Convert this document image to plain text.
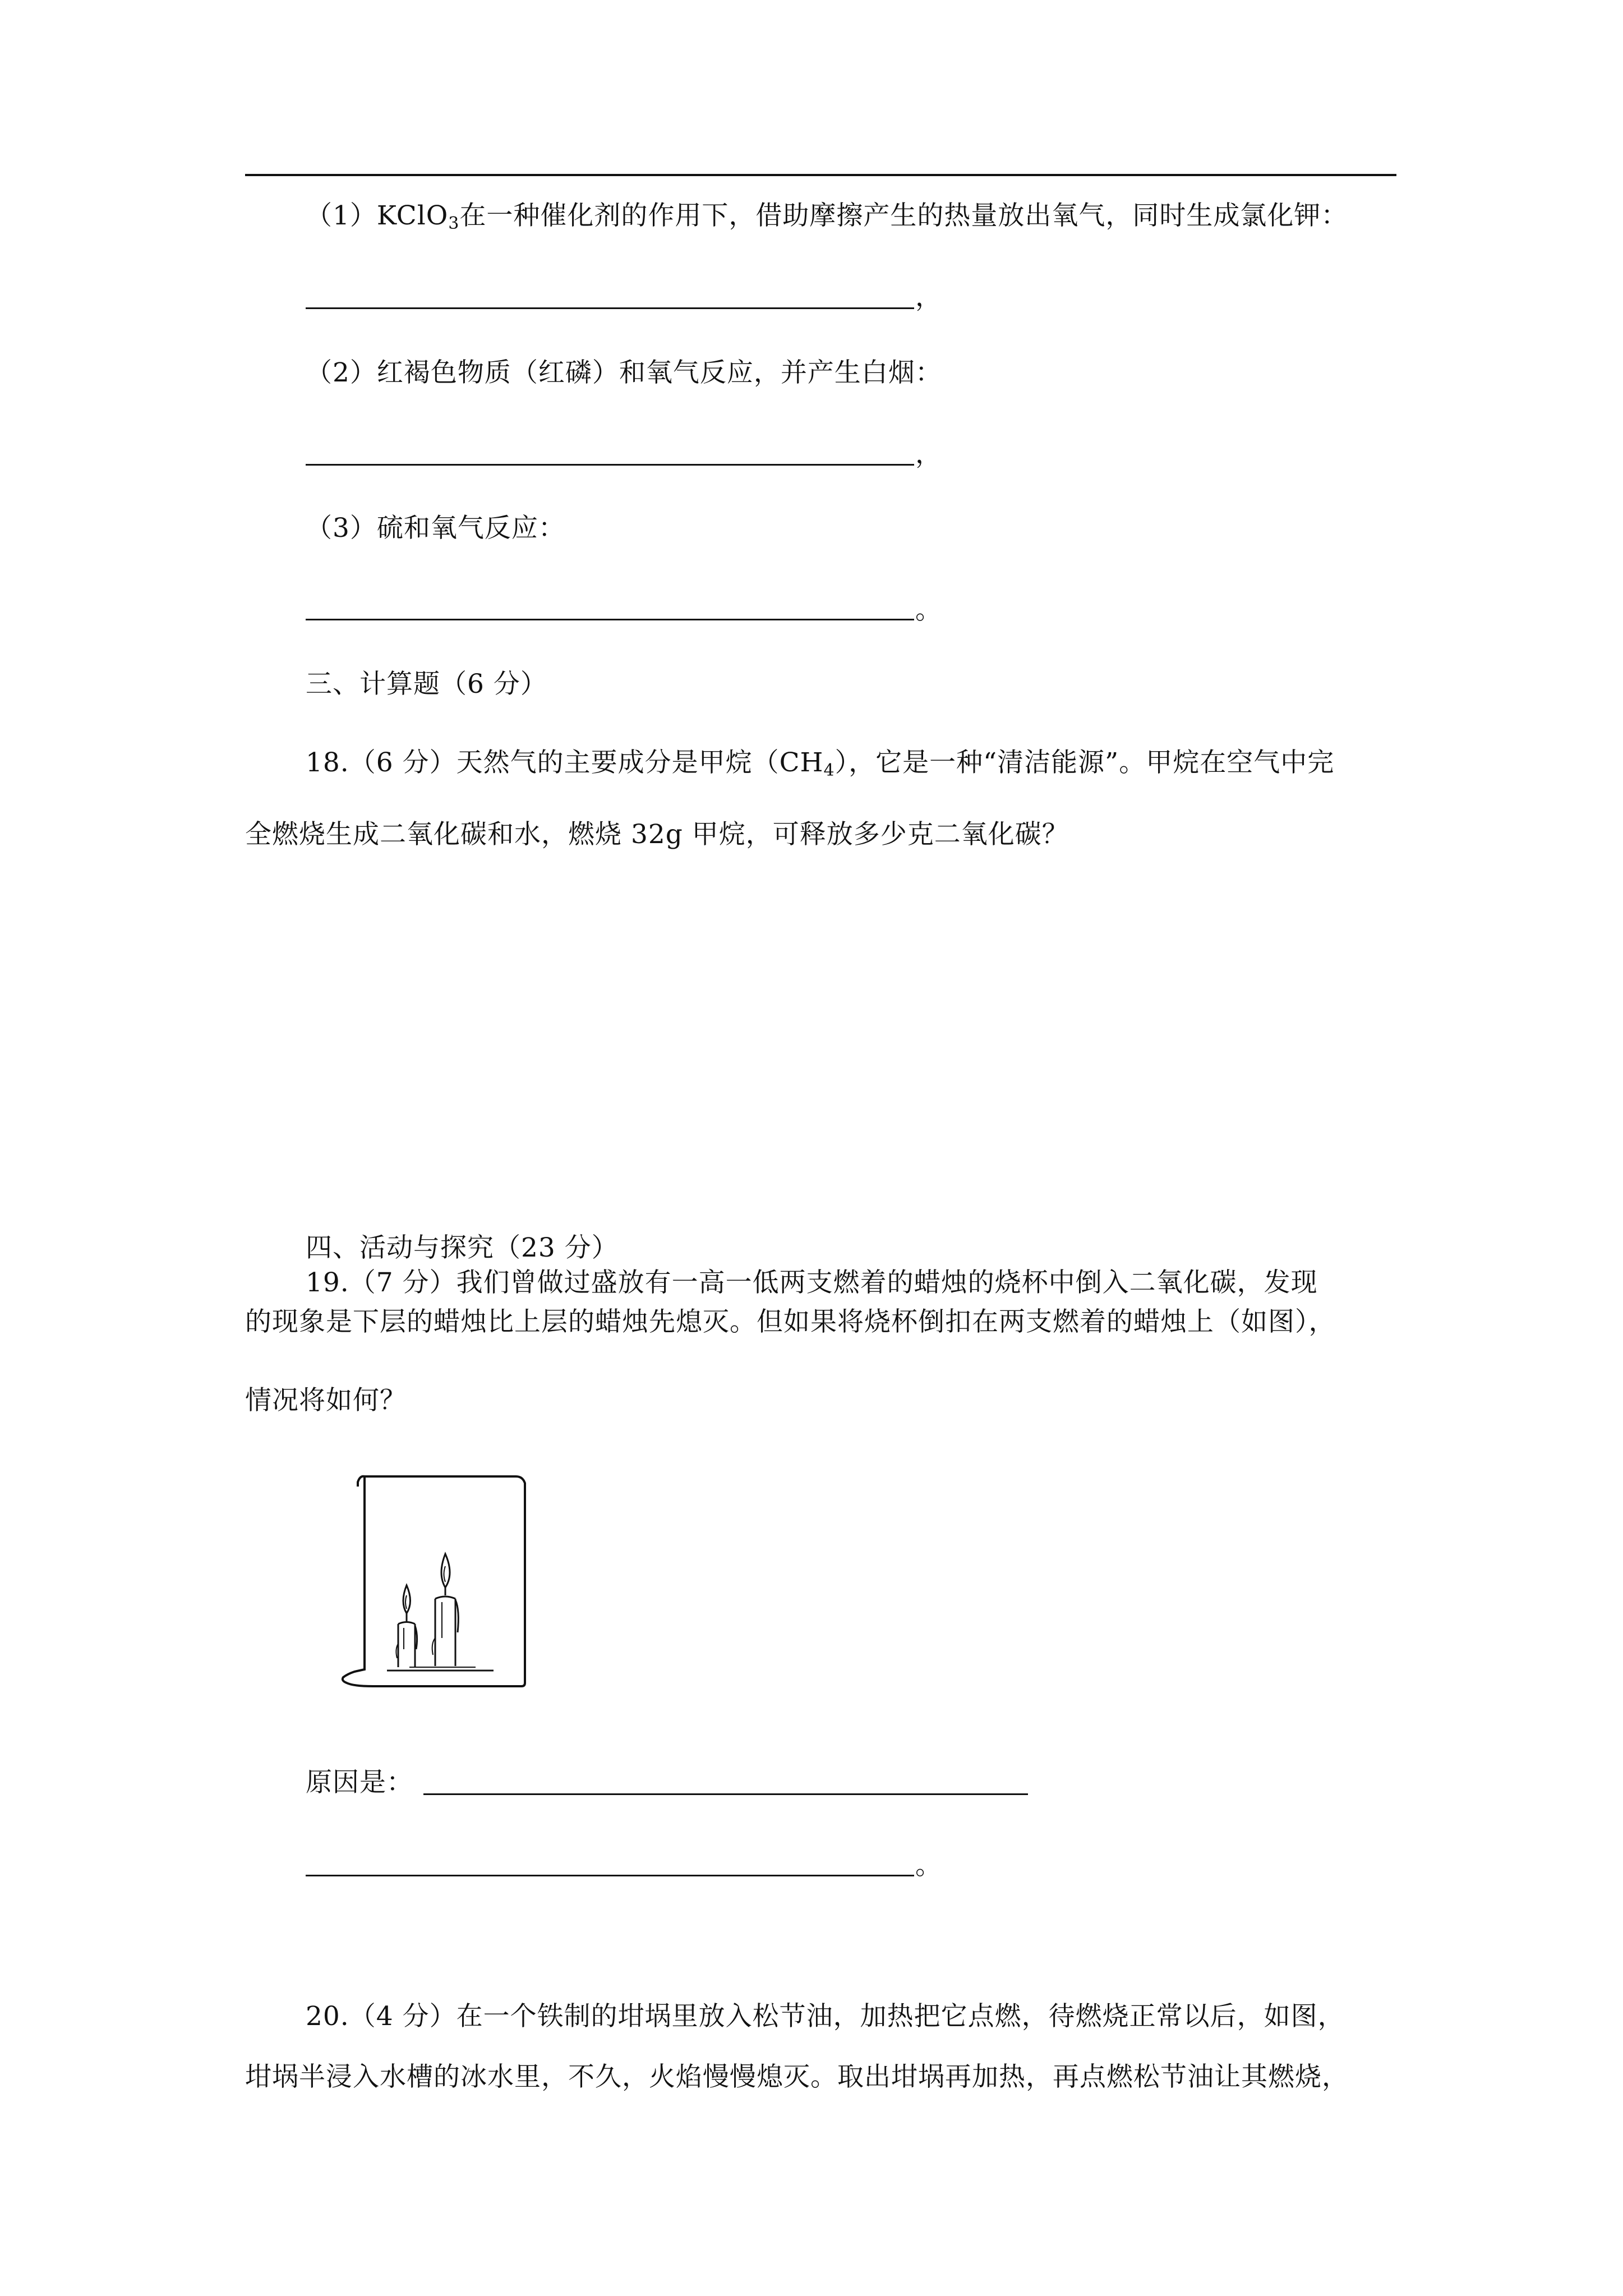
（1）KClO$_3$在一种催化剂的作用下，借助摩擦产生的热量放出氧气，同时生成氯化钾：
，
（2）红褐色物质（红磷）和氧气反应，并产生白烟：
，
（3）硫和氧气反应：
。
三、计算题（6 分）
18.（6 分）天然气的主要成分是甲烷$(CH_4)$，它是一种“清洁能源”。甲烷在空气中完
全燃烧生成二氧化碳和水，燃烧 32g 甲烷，可释放多少克二氧化碳？
四、活动与探究（23 分）
19.（7 分）我们曾做过盛放有一高一低两支燃着的蜡烛的烧杯中倒入二氧化碳，发现
的现象是下层的蜡烛比上层的蜡烛先熄灭。但如果将烧杯倒扣在两支燃着的蜡烛上（如图），
情况将如何？
原因是：
。
20.（4 分）在一个铁制的坩埚里放入松节油，加热把它点燃，待燃烧正常以后，如图，
坩埚半浸入水槽的冰水里，不久，火焰慢慢熄灭。取出坩埚再加热，再点燃松节油让其燃烧，
